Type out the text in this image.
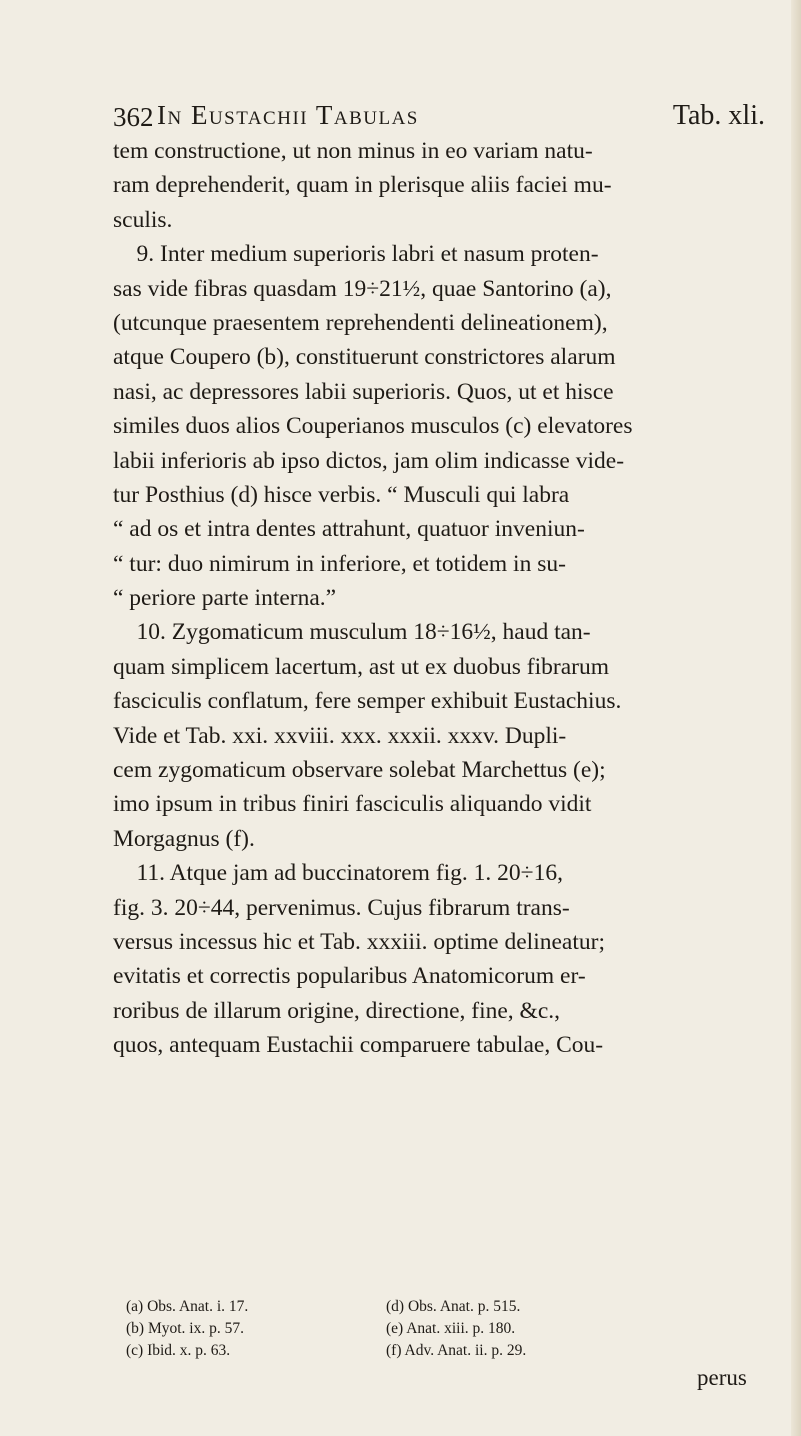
362 In Eustachii Tabulas	Tab. xli.
tem constructione, ut non minus in eo variam natu-
ram deprehenderit, quam in plerisque aliis faciei mu-
sculis.
9. Inter medium superioris labri et nasum proten-
sas vide fibras quasdam 19÷21½, quae Santorino (a),
(utcunque praesentem reprehendenti delineationem),
atque Coupero (b), constituerunt constrictores alarum
nasi, ac depressores labii superioris. Quos, ut et hisce
similes duos alios Couperianos musculos (c) elevatores
labii inferioris ab ipso dictos, jam olim indicasse vide-
tur Posthius (d) hisce verbis. “ Musculi qui labra
“ ad os et intra dentes attrahunt, quatuor inveniun-
“ tur: duo nimirum in inferiore, et totidem in su-
“ periore parte interna.”
10. Zygomaticum musculum 18÷16½, haud tan-
quam simplicem lacertum, ast ut ex duobus fibrarum
fasciculis conflatum, fere semper exhibuit Eustachius.
Vide et Tab. xxi. xxviii. xxx. xxxii. xxxv. Dupli-
cem zygomaticum observare solebat Marchettus (e);
imo ipsum in tribus finiri fasciculis aliquando vidit
Morgagnus (f).
11. Atque jam ad buccinatorem fig. 1. 20÷16,
fig. 3. 20÷44, pervenimus. Cujus fibrarum trans-
versus incessus hic et Tab. xxxiii. optime delineatur;
evitatis et correctis popularibus Anatomicorum er-
roribus de illarum origine, directione, fine, &c.,
quos, antequam Eustachii comparuere tabulae, Cou-
(a) Obs. Anat. i. 17.
(b) Myot. ix. p. 57.
(c) Ibid. x. p. 63.
(d) Obs. Anat. p. 515.
(e) Anat. xiii. p. 180.
(f) Adv. Anat. ii. p. 29.
perus
